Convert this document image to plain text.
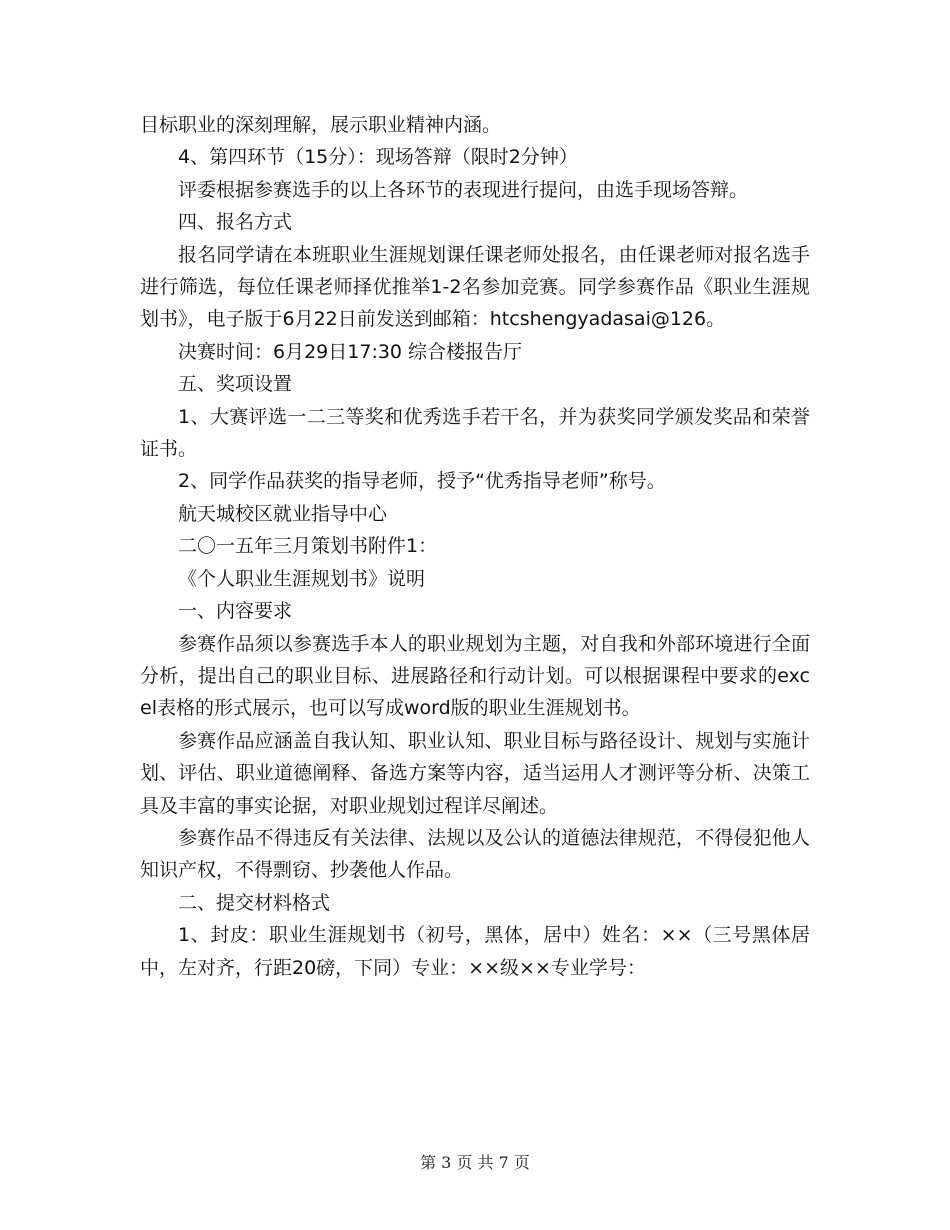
目标职业的深刻理解，展示职业精神内涵。

4、第四环节（15分）：现场答辩（限时2分钟）

评委根据参赛选手的以上各环节的表现进行提问，由选手现场答辩。

四、报名方式

报名同学请在本班职业生涯规划课任课老师处报名，由任课老师对报名选手进行筛选，每位任课老师择优推举1-2名参加竞赛。同学参赛作品《职业生涯规划书》，电子版于6月22日前发送到邮箱：htcshengyadasai@126。

决赛时间：6月29日17:30 综合楼报告厅

五、奖项设置

1、大赛评选一二三等奖和优秀选手若干名，并为获奖同学颁发奖品和荣誉证书。

2、同学作品获奖的指导老师，授予“优秀指导老师”称号。

航天城校区就业指导中心

二〇一五年三月策划书附件1：

《个人职业生涯规划书》说明

一、内容要求

参赛作品须以参赛选手本人的职业规划为主题，对自我和外部环境进行全面分析，提出自己的职业目标、进展路径和行动计划。可以根据课程中要求的excel表格的形式展示，也可以写成word版的职业生涯规划书。

参赛作品应涵盖自我认知、职业认知、职业目标与路径设计、规划与实施计划、评估、职业道德阐释、备选方案等内容，适当运用人才测评等分析、决策工具及丰富的事实论据，对职业规划过程详尽阐述。

参赛作品不得违反有关法律、法规以及公认的道德法律规范，不得侵犯他人知识产权，不得剽窃、抄袭他人作品。

二、提交材料格式

1、封皮：职业生涯规划书（初号，黑体，居中）姓名：××（三号黑体居中，左对齐，行距20磅，下同）专业：××级××专业学号：

第 3 页 共 7 页
